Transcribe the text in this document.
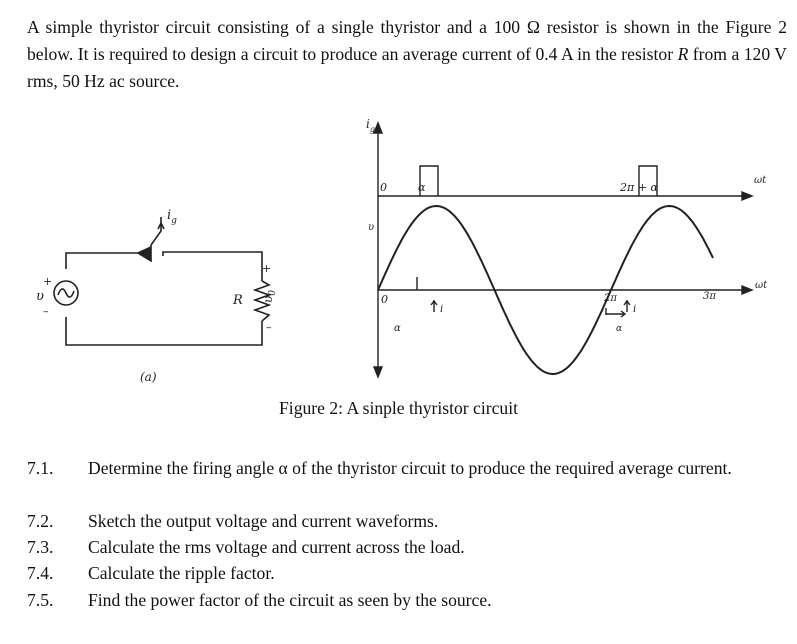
A simple thyristor circuit consisting of a single thyristor and a 100 Ω resistor is shown in the Figure 2 below. It is required to design a circuit to produce an average current of 0.4 A in the resistor R from a 120 V rms, 50 Hz ac source.
$i_g$
υ
+
–
R
+
–
$\upsilon_0$
(a)
$i_g$
0	α	2π + α
ωt
υ
0
α
i	i
2π	3π
α
ωt
Figure 2: A sinple thyristor circuit
7.1.	Determine the firing angle α of the thyristor circuit to produce the required average current.
7.2.	Sketch the output voltage and current waveforms.
7.3.	Calculate the rms voltage and current across the load.
7.4.	Calculate the ripple factor.
7.5.	Find the power factor of the circuit as seen by the source.
